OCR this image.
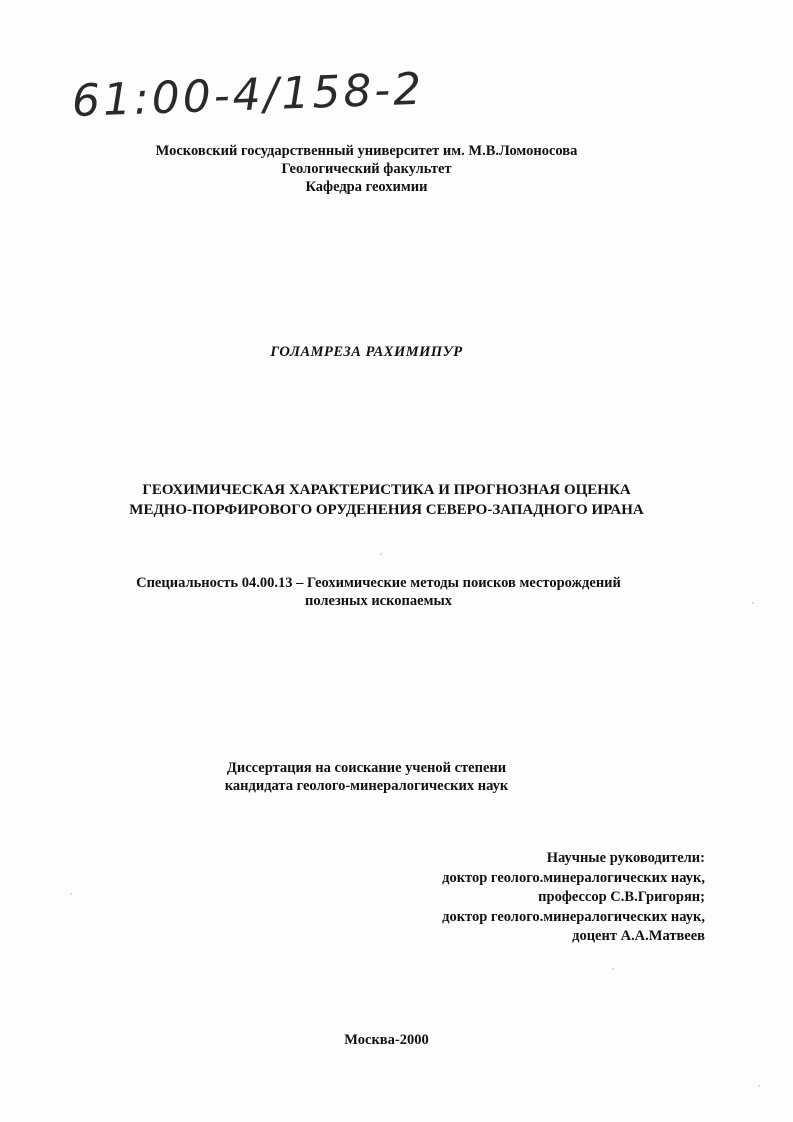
61:00-4/158-2
Московский государственный университет им. М.В.Ломоносова
Геологический факультет
Кафедра геохимии
ГОЛАМРЕЗА РАХИМИПУР
ГЕОХИМИЧЕСКАЯ ХАРАКТЕРИСТИКА И ПРОГНОЗНАЯ ОЦЕНКА
МЕДНО-ПОРФИРОВОГО ОРУДЕНЕНИЯ СЕВЕРО-ЗАПАДНОГО ИРАНА
Специальность 04.00.13 – Геохимические методы поисков месторождений
полезных ископаемых
Диссертация на соискание ученой степени
кандидата геолого-минералогических наук
Научные руководители:
доктор геолого.минералогических наук,
профессор С.В.Григорян;
доктор геолого.минералогических наук,
доцент А.А.Матвеев
Москва-2000
